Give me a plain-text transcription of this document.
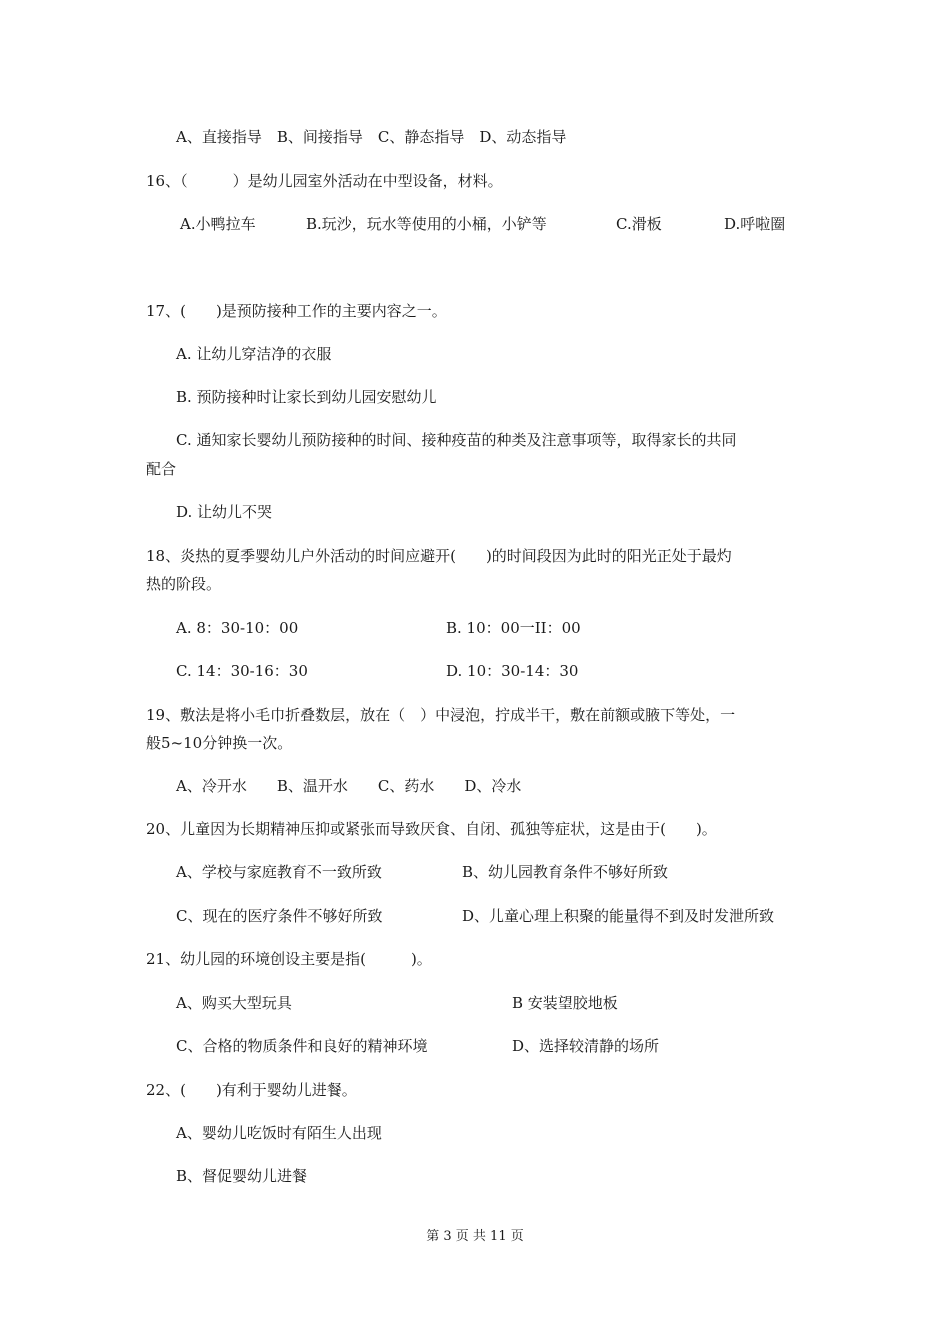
A、直接指导　B、间接指导　C、静态指导　D、动态指导
16、（　　　）是幼儿园室外活动在中型设备，材料。
A.小鸭拉车	B.玩沙，玩水等使用的小桶，小铲等	C.滑板	D.呼啦圈
17、(　　)是预防接种工作的主要内容之一。
A. 让幼儿穿洁净的衣服
B. 预防接种时让家长到幼儿园安慰幼儿
C. 通知家长婴幼儿预防接种的时间、接种疫苗的种类及注意事项等，取得家长的共同
配合
D. 让幼儿不哭
18、炎热的夏季婴幼儿户外活动的时间应避开(　　)的时间段因为此时的阳光正处于最灼
热的阶段。
A. 8：30-10：00	B. 10：00一II：00
C. 14：30-16：30	D. 10：30-14：30
19、敷法是将小毛巾折叠数层，放在（　）中浸泡，拧成半干，敷在前额或腋下等处，一
般5~10分钟换一次。
A、冷开水　　B、温开水　　C、药水　　D、冷水
20、儿童因为长期精神压抑或紧张而导致厌食、自闭、孤独等症状，这是由于(　　)。
A、学校与家庭教育不一致所致	B、幼儿园教育条件不够好所致
C、现在的医疗条件不够好所致	D、儿童心理上积聚的能量得不到及时发泄所致
21、幼儿园的环境创设主要是指(　　　)。
A、购买大型玩具	B 安装望胶地板
C、合格的物质条件和良好的精神环境	D、选择较清静的场所
22、(　　)有利于婴幼儿进餐。
A、婴幼儿吃饭时有陌生人出现
B、督促婴幼儿进餐
第 3 页 共 11 页
